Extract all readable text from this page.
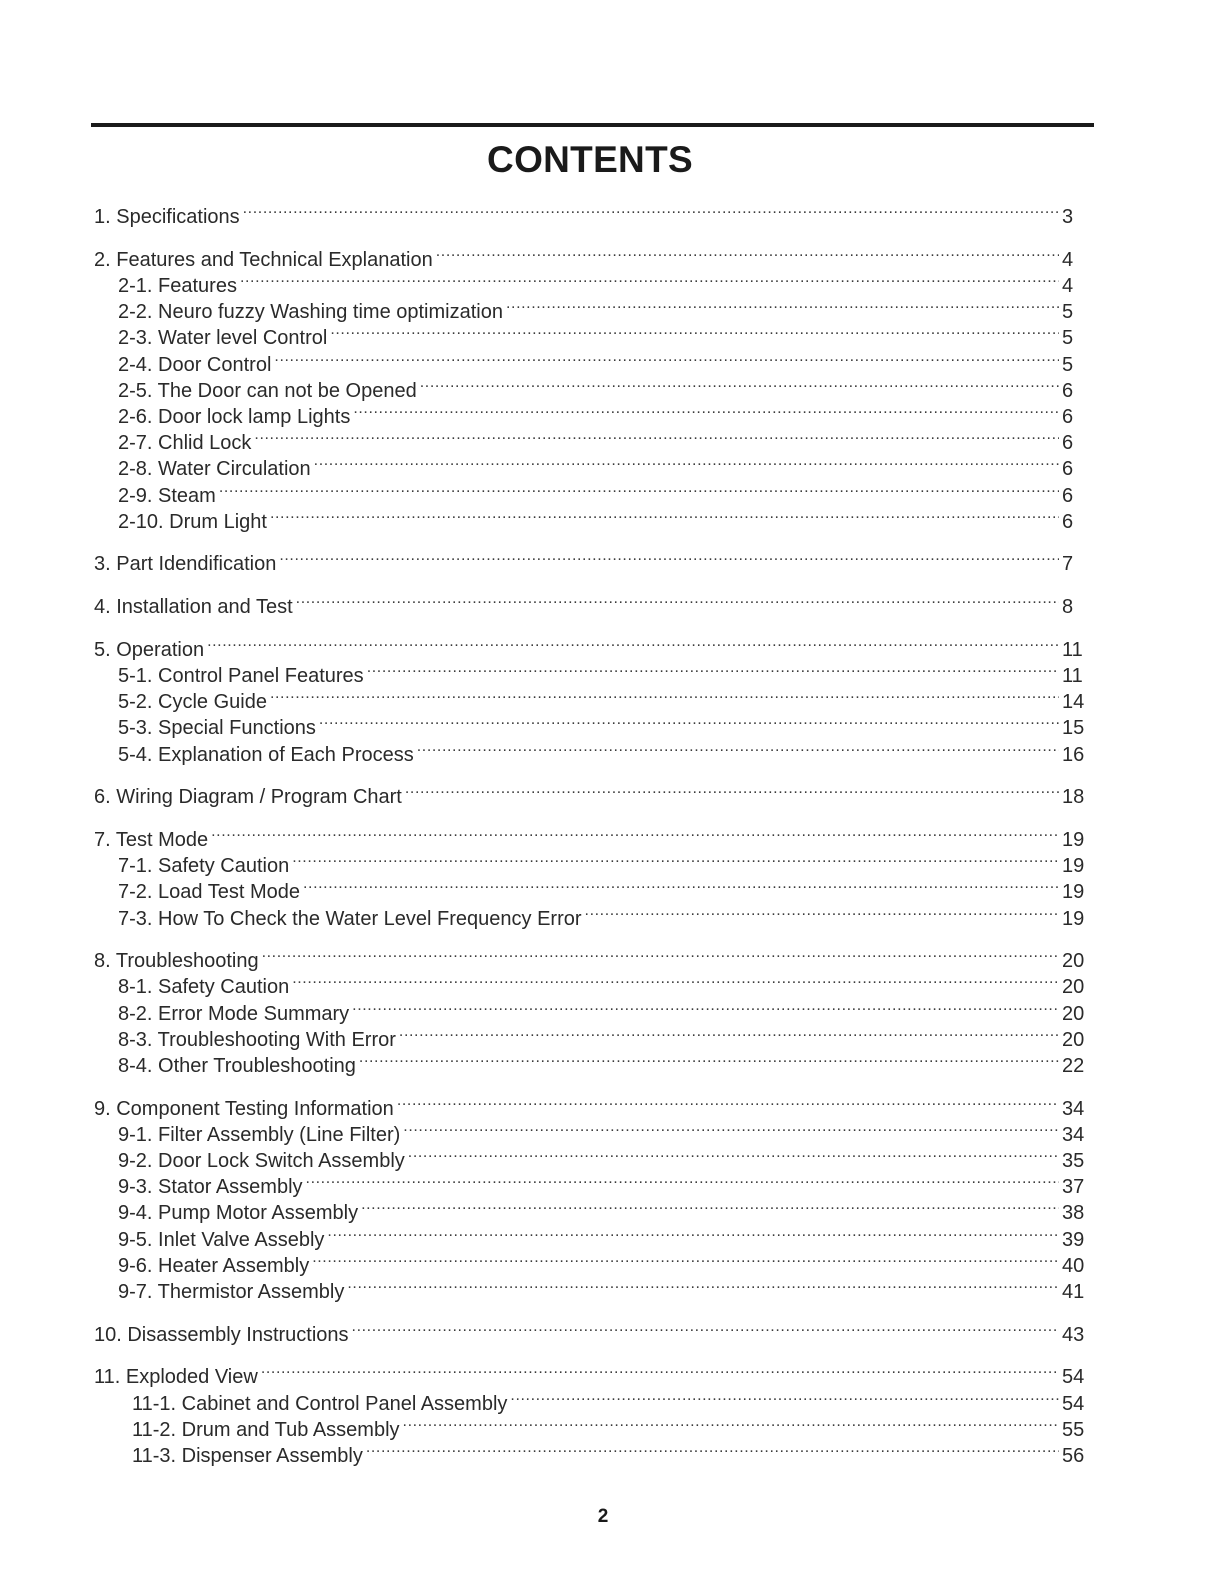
CONTENTS
1. Specifications .....	3
2. Features and Technical Explanation .....	4
2-1. Features .....	4
2-2. Neuro fuzzy Washing time optimization .....	5
2-3. Water level Control .....	5
2-4. Door Control .....	5
2-5. The Door can not be Opened .....	6
2-6. Door lock lamp Lights .....	6
2-7. Chlid Lock .....	6
2-8. Water Circulation .....	6
2-9. Steam .....	6
2-10. Drum Light .....	6
3. Part Idendification .....	7
4. Installation and Test .....	8
5. Operation .....	11
5-1. Control Panel Features .....	11
5-2. Cycle Guide .....	14
5-3. Special Functions .....	15
5-4. Explanation of Each Process .....	16
6. Wiring Diagram / Program Chart .....	18
7. Test Mode .....	19
7-1. Safety Caution .....	19
7-2. Load Test Mode .....	19
7-3. How To Check the Water Level Frequency Error .....	19
8. Troubleshooting .....	20
8-1. Safety Caution .....	20
8-2. Error Mode Summary .....	20
8-3. Troubleshooting With Error .....	20
8-4. Other Troubleshooting .....	22
9. Component Testing Information .....	34
9-1. Filter Assembly (Line Filter) .....	34
9-2. Door Lock Switch Assembly .....	35
9-3. Stator Assembly .....	37
9-4. Pump Motor Assembly .....	38
9-5. Inlet Valve Assebly .....	39
9-6. Heater Assembly .....	40
9-7. Thermistor Assembly .....	41
10. Disassembly Instructions .....	43
11. Exploded View .....	54
11-1. Cabinet and Control Panel Assembly .....	54
11-2. Drum and Tub Assembly .....	55
11-3. Dispenser Assembly .....	56
2
